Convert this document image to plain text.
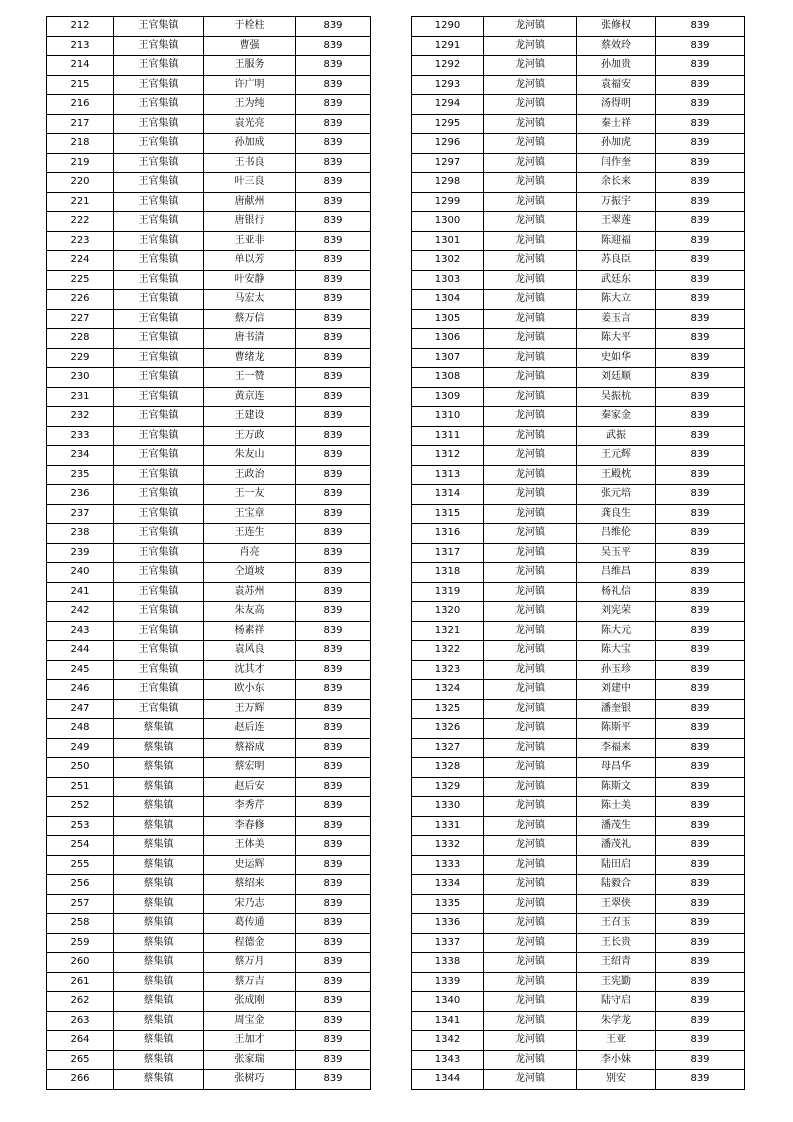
212	王官集镇	于栓柱	839
213	王官集镇	曹强	839
214	王官集镇	王服务	839
215	王官集镇	许广明	839
216	王官集镇	王为纯	839
217	王官集镇	袁光亮	839
218	王官集镇	孙加成	839
219	王官集镇	王书良	839
220	王官集镇	叶三良	839
221	王官集镇	唐献州	839
222	王官集镇	唐银行	839
223	王官集镇	王亚非	839
224	王官集镇	单以芳	839
225	王官集镇	叶安静	839
226	王官集镇	马宏太	839
227	王官集镇	蔡万信	839
228	王官集镇	唐书清	839
229	王官集镇	曹绪龙	839
230	王官集镇	王一赞	839
231	王官集镇	黄京连	839
232	王官集镇	王建设	839
233	王官集镇	王万政	839
234	王官集镇	朱友山	839
235	王官集镇	王政治	839
236	王官集镇	王一友	839
237	王官集镇	王宝章	839
238	王官集镇	王连生	839
239	王官集镇	肖亮	839
240	王官集镇	仝道坡	839
241	王官集镇	袁苏州	839
242	王官集镇	朱友高	839
243	王官集镇	杨素祥	839
244	王官集镇	袁风良	839
245	王官集镇	沈其才	839
246	王官集镇	欧小东	839
247	王官集镇	王万辉	839
248	蔡集镇	赵后连	839
249	蔡集镇	蔡裕成	839
250	蔡集镇	蔡宏明	839
251	蔡集镇	赵后安	839
252	蔡集镇	李秀芹	839
253	蔡集镇	李春修	839
254	蔡集镇	王体美	839
255	蔡集镇	史运辉	839
256	蔡集镇	蔡绍来	839
257	蔡集镇	宋乃志	839
258	蔡集镇	葛传通	839
259	蔡集镇	程德金	839
260	蔡集镇	蔡万月	839
261	蔡集镇	蔡万吉	839
262	蔡集镇	张成刚	839
263	蔡集镇	周宝金	839
264	蔡集镇	王加才	839
265	蔡集镇	张家瑞	839
266	蔡集镇	张树巧	839
1290	龙河镇	张修权	839
1291	龙河镇	蔡效玲	839
1292	龙河镇	孙加贵	839
1293	龙河镇	袁福安	839
1294	龙河镇	汤得明	839
1295	龙河镇	秦士祥	839
1296	龙河镇	孙加虎	839
1297	龙河镇	闫作奎	839
1298	龙河镇	余长来	839
1299	龙河镇	万振宇	839
1300	龙河镇	王翠莲	839
1301	龙河镇	陈迎福	839
1302	龙河镇	苏良臣	839
1303	龙河镇	武廷东	839
1304	龙河镇	陈大立	839
1305	龙河镇	姜玉言	839
1306	龙河镇	陈大平	839
1307	龙河镇	史如华	839
1308	龙河镇	刘廷顺	839
1309	龙河镇	吴振杭	839
1310	龙河镇	秦家金	839
1311	龙河镇	武振	839
1312	龙河镇	王元辉	839
1313	龙河镇	王殿枕	839
1314	龙河镇	张元培	839
1315	龙河镇	龚良生	839
1316	龙河镇	吕维伦	839
1317	龙河镇	吴玉平	839
1318	龙河镇	吕维昌	839
1319	龙河镇	杨礼信	839
1320	龙河镇	刘宪荣	839
1321	龙河镇	陈大元	839
1322	龙河镇	陈大宝	839
1323	龙河镇	孙玉珍	839
1324	龙河镇	刘建中	839
1325	龙河镇	潘奎银	839
1326	龙河镇	陈斯平	839
1327	龙河镇	李福来	839
1328	龙河镇	母昌华	839
1329	龙河镇	陈斯文	839
1330	龙河镇	陈士美	839
1331	龙河镇	潘茂生	839
1332	龙河镇	潘茂礼	839
1333	龙河镇	陆田启	839
1334	龙河镇	陆毅合	839
1335	龙河镇	王翠侠	839
1336	龙河镇	王召玉	839
1337	龙河镇	王长贵	839
1338	龙河镇	王绍青	839
1339	龙河镇	王宪勤	839
1340	龙河镇	陆守启	839
1341	龙河镇	朱学龙	839
1342	龙河镇	王亚	839
1343	龙河镇	李小妹	839
1344	龙河镇	别安	839
